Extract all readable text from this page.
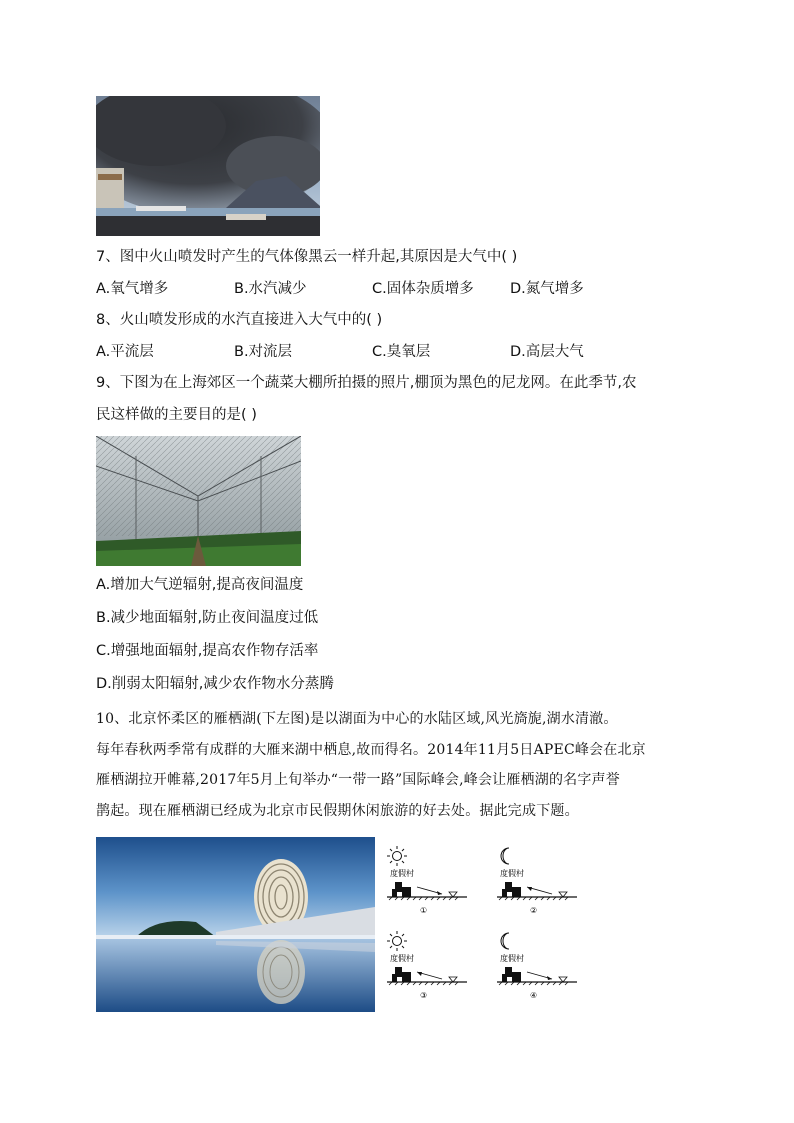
7、图中火山喷发时产生的气体像黑云一样升起,其原因是大气中( )
A.氧气增多	B.水汽减少	C.固体杂质增多	D.氮气增多
8、火山喷发形成的水汽直接进入大气中的( )
A.平流层	B.对流层	C.臭氧层	D.高层大气
9、下图为在上海郊区一个蔬菜大棚所拍摄的照片,棚顶为黑色的尼龙网。在此季节,农
民这样做的主要目的是( )
A.增加大气逆辐射,提高夜间温度
B.减少地面辐射,防止夜间温度过低
C.增强地面辐射,提高农作物存活率
D.削弱太阳辐射,减少农作物水分蒸腾
10、北京怀柔区的雁栖湖(下左图)是以湖面为中心的水陆区域,风光旖旎,湖水清澈。
每年春秋两季常有成群的大雁来湖中栖息,故而得名。2014年11月5日APEC峰会在北京
雁栖湖拉开帷幕,2017年5月上旬举办“一带一路”国际峰会,峰会让雁栖湖的名字声誉
鹊起。现在雁栖湖已经成为北京市民假期休闲旅游的好去处。据此完成下题。
度假村
①
度假村
②
度假村
③
度假村
④
